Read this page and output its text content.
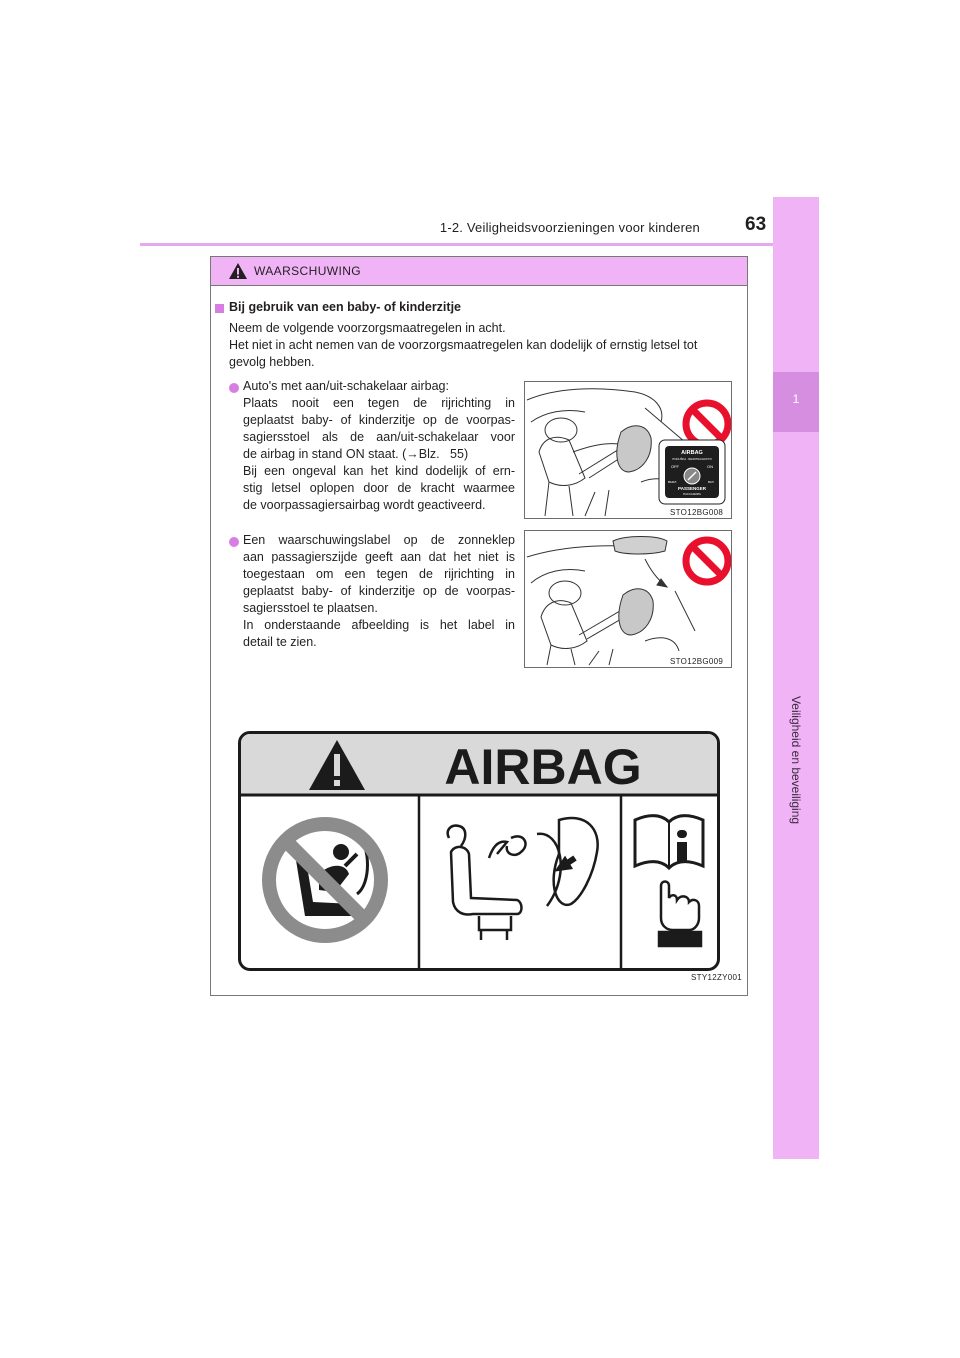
1-2. Veiligheidsvoorzieningen voor kinderen 63
1
Veiligheid en beveiliging
WAARSCHUWING
Bij gebruik van een baby- of kinderzitje
Neem de volgende voorzorgsmaatregelen in acht.
Het niet in acht nemen van de voorzorgsmaatregelen kan dodelijk of ernstig letsel tot
gevolg hebben.
Auto's met aan/uit-schakelaar airbag:
Plaats nooit een tegen de rijrichting in
geplaatst baby- of kinderzitje op de voorpas-
sagiersstoel als de aan/uit-schakelaar voor
de airbag in stand ON staat. (→Blz.   55)
Bij een ongeval kan het kind dodelijk of ern-
stig letsel oplopen door de kracht waarmee
de voorpassagiersairbag wordt geactiveerd.
AIRBAG
PODUŠKA · БЕЗОПАСНОСТИ
OFF	ON
ВЫКЛ	ВКЛ
PASSENGER
ПАССАЖИРА
STO12BG008
Een waarschuwingslabel op de zonneklep
aan passagierszijde geeft aan dat het niet is
toegestaan om een tegen de rijrichting in
geplaatst baby- of kinderzitje op de voorpas-
sagiersstoel te plaatsen.
In onderstaande afbeelding is het label in
detail te zien.
STO12BG009
AIRBAG
STY12ZY001
